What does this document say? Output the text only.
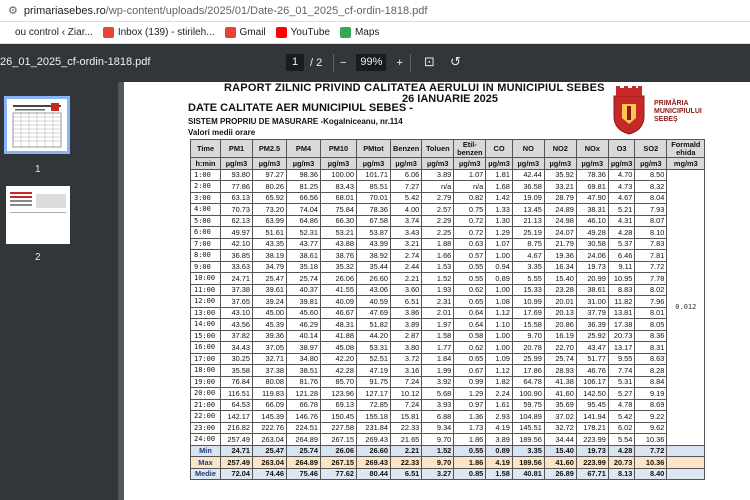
⚙ primariasebes.ro /wp-content/uploads/2025/01/Date-26_01_2025_cf-ordin-1818.pdf
ou control ‹ Ziar...	Inbox (139) - stirileh...	Gmail	YouTube	Maps
26_01_2025_cf-ordin-1818.pdf	1	/ 2 −	99%	+ ⊡ ↺
1
2
RAPORT ZILNIC PRIVIND CALITATEA AERULUI IN MUNICIPIUL SEBES
26 IANUARIE 2025
DATE CALITATE AER MUNICIPIUL SEBES -
SISTEM PROPRIU DE MASURARE -Kogalniceanu, nr.114
Valori medii orare
PRIMĂRIA
MUNICIPIULUI
SEBEȘ
Time	PM1	PM2.5	PM4	PM10	PMtot	Benzen	Toluen	Etil-
benzen	CO	NO	NO2	NOx	O3	SO2	Formald
ehida
h:min	µg/m3	µg/m3	µg/m3	µg/m3	µg/m3	µg/m3	µg/m3	µg/m3	µg/m3	µg/m3	µg/m3	µg/m3	µg/m3	µg/m3	mg/m3
1:00	93.80	97.27	98.36	100.00	101.71	6.06	3.89	1.07	1.81	42.44	35.92	78.36	4.70	8.50	0.012
2:00	77.86	80.26	81.25	83.43	85.51	7.27	n/a	n/a	1.68	36.58	33.21	69.81	4.73	8.32	
3:00	63.13	65.92	66.56	68.01	70.01	5.42	2.79	0.82	1.42	19.09	28.79	47.90	4.67	8.04	
4:00	70.73	73.20	74.04	75.84	78.36	4.00	2.57	0.75	1.33	13.45	24.89	38.31	5.21	7.93	
5:00	62.13	63.99	64.86	66.30	67.58	3.74	2.29	0.72	1.30	21.13	24.98	46.10	4.31	8.07	
6:00	49.97	51.61	52.31	53.21	53.87	3.43	2.25	0.72	1.29	25.19	24.07	49.28	4.28	8.10	
7:00	42.10	43.35	43.77	43.88	43.99	3.21	1.88	0.63	1.07	8.75	21.79	30.58	5.37	7.83	
8:00	36.85	38.19	38.61	38.76	38.92	2.74	1.66	0.57	1.00	4.67	19.36	24.06	6.46	7.81	
9:00	33.63	34.79	35.18	35.32	35.44	2.44	1.53	0.55	0.94	3.35	16.34	19.73	9.11	7.72	
10:00	24.71	25.47	25.74	26.06	26.60	2.21	1.52	0.55	0.89	5.55	15.40	20.99	10.95	7.78	
11:00	37.38	39.61	40.37	41.55	43.06	3.60	1.93	0.62	1.00	15.33	23.28	38.61	8.83	8.02	
12:00	37.65	39.24	39.81	40.09	40.59	6.51	2.31	0.65	1.08	10.99	20.01	31.00	11.82	7.96	
13:00	43.10	45.00	45.60	46.67	47.69	3.86	2.01	0.64	1.12	17.69	20.13	37.79	13.81	8.01	
14:00	43.56	45.39	46.29	48.31	51.82	3.89	1.97	0.64	1.10	15.58	20.86	36.39	17.38	8.05	
15:00	37.82	39.36	40.14	41.88	44.20	2.87	1.58	0.58	1.00	9.70	16.19	25.92	20.73	8.36	
16:00	34.43	37.05	38.97	45.08	53.31	3.80	1.77	0.62	1.00	20.78	22.70	43.47	13.17	8.31	
17:00	30.25	32.71	34.80	42.20	52.51	3.72	1.84	0.65	1.09	25.99	25.74	51.77	9.55	8.63	
18:00	35.58	37.38	38.51	42.28	47.19	3.16	1.99	0.67	1.12	17.86	28.93	46.76	7.74	8.28	
19:00	76.84	80.08	81.76	85.70	91.75	7.24	3.92	0.99	1.82	64.78	41.38	106.17	5.31	8.84	
20:00	116.51	119.83	121.28	123.96	127.17	10.12	5.68	1.29	2.24	100.90	41.60	142.50	5.27	9.19	
21:00	64.53	66.09	66.78	69.13	72.85	7.24	3.93	0.97	1.61	59.75	35.69	95.45	4.78	8.69	
22:00	142.17	145.39	146.76	150.45	155.18	15.81	6.88	1.36	2.93	104.89	37.02	141.94	5.42	9.22	
23:00	216.82	222.76	224.51	227.58	231.84	22.33	9.34	1.73	4.19	145.51	32.72	178.21	6.02	9.62	
24:00	257.49	263.04	264.89	267.15	269.43	21.65	9.70	1.86	3.89	189.56	34.44	223.99	5.54	10.36	
Min	24.71	25.47	25.74	26.06	26.60	2.21	1.52	0.55	0.89	3.35	15.40	19.73	4.28	7.72	
Max	257.49	263.04	264.89	267.15	269.43	22.33	9.70	1.86	4.19	189.56	41.60	223.99	20.73	10.36	
Medie	72.04	74.46	75.46	77.62	80.44	6.51	3.27	0.85	1.58	40.81	26.89	67.71	8.13	8.40	
